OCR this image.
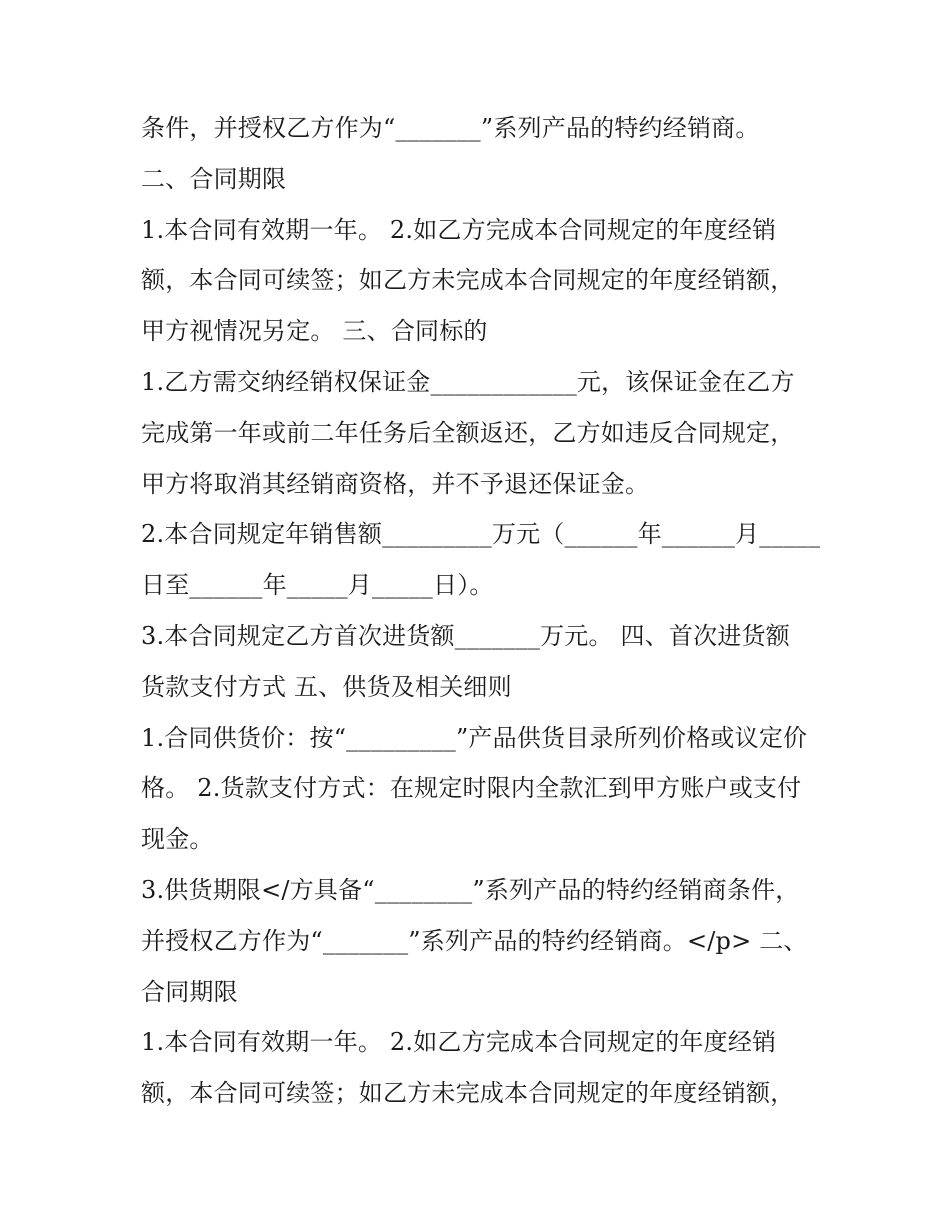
条件，并授权乙方作为“_______”系列产品的特约经销商。
二、合同期限
1.本合同有效期一年。 2.如乙方完成本合同规定的年度经销
额，本合同可续签；如乙方未完成本合同规定的年度经销额，
甲方视情况另定。 三、合同标的
1.乙方需交纳经销权保证金____________元，该保证金在乙方
完成第一年或前二年任务后全额返还，乙方如违反合同规定，
甲方将取消其经销商资格，并不予退还保证金。
2.本合同规定年销售额_________万元（______年______月_____
日至______年_____月_____日）。
3.本合同规定乙方首次进货额_______万元。 四、首次进货额
货款支付方式 五、供货及相关细则
1.合同供货价：按“_________”产品供货目录所列价格或议定价
格。 2.货款支付方式：在规定时限内全款汇到甲方账户或支付
现金。
3.供货期限</方具备“________”系列产品的特约经销商条件，
并授权乙方作为“_______”系列产品的特约经销商。</p> 二、
合同期限
1.本合同有效期一年。 2.如乙方完成本合同规定的年度经销
额，本合同可续签；如乙方未完成本合同规定的年度经销额，
